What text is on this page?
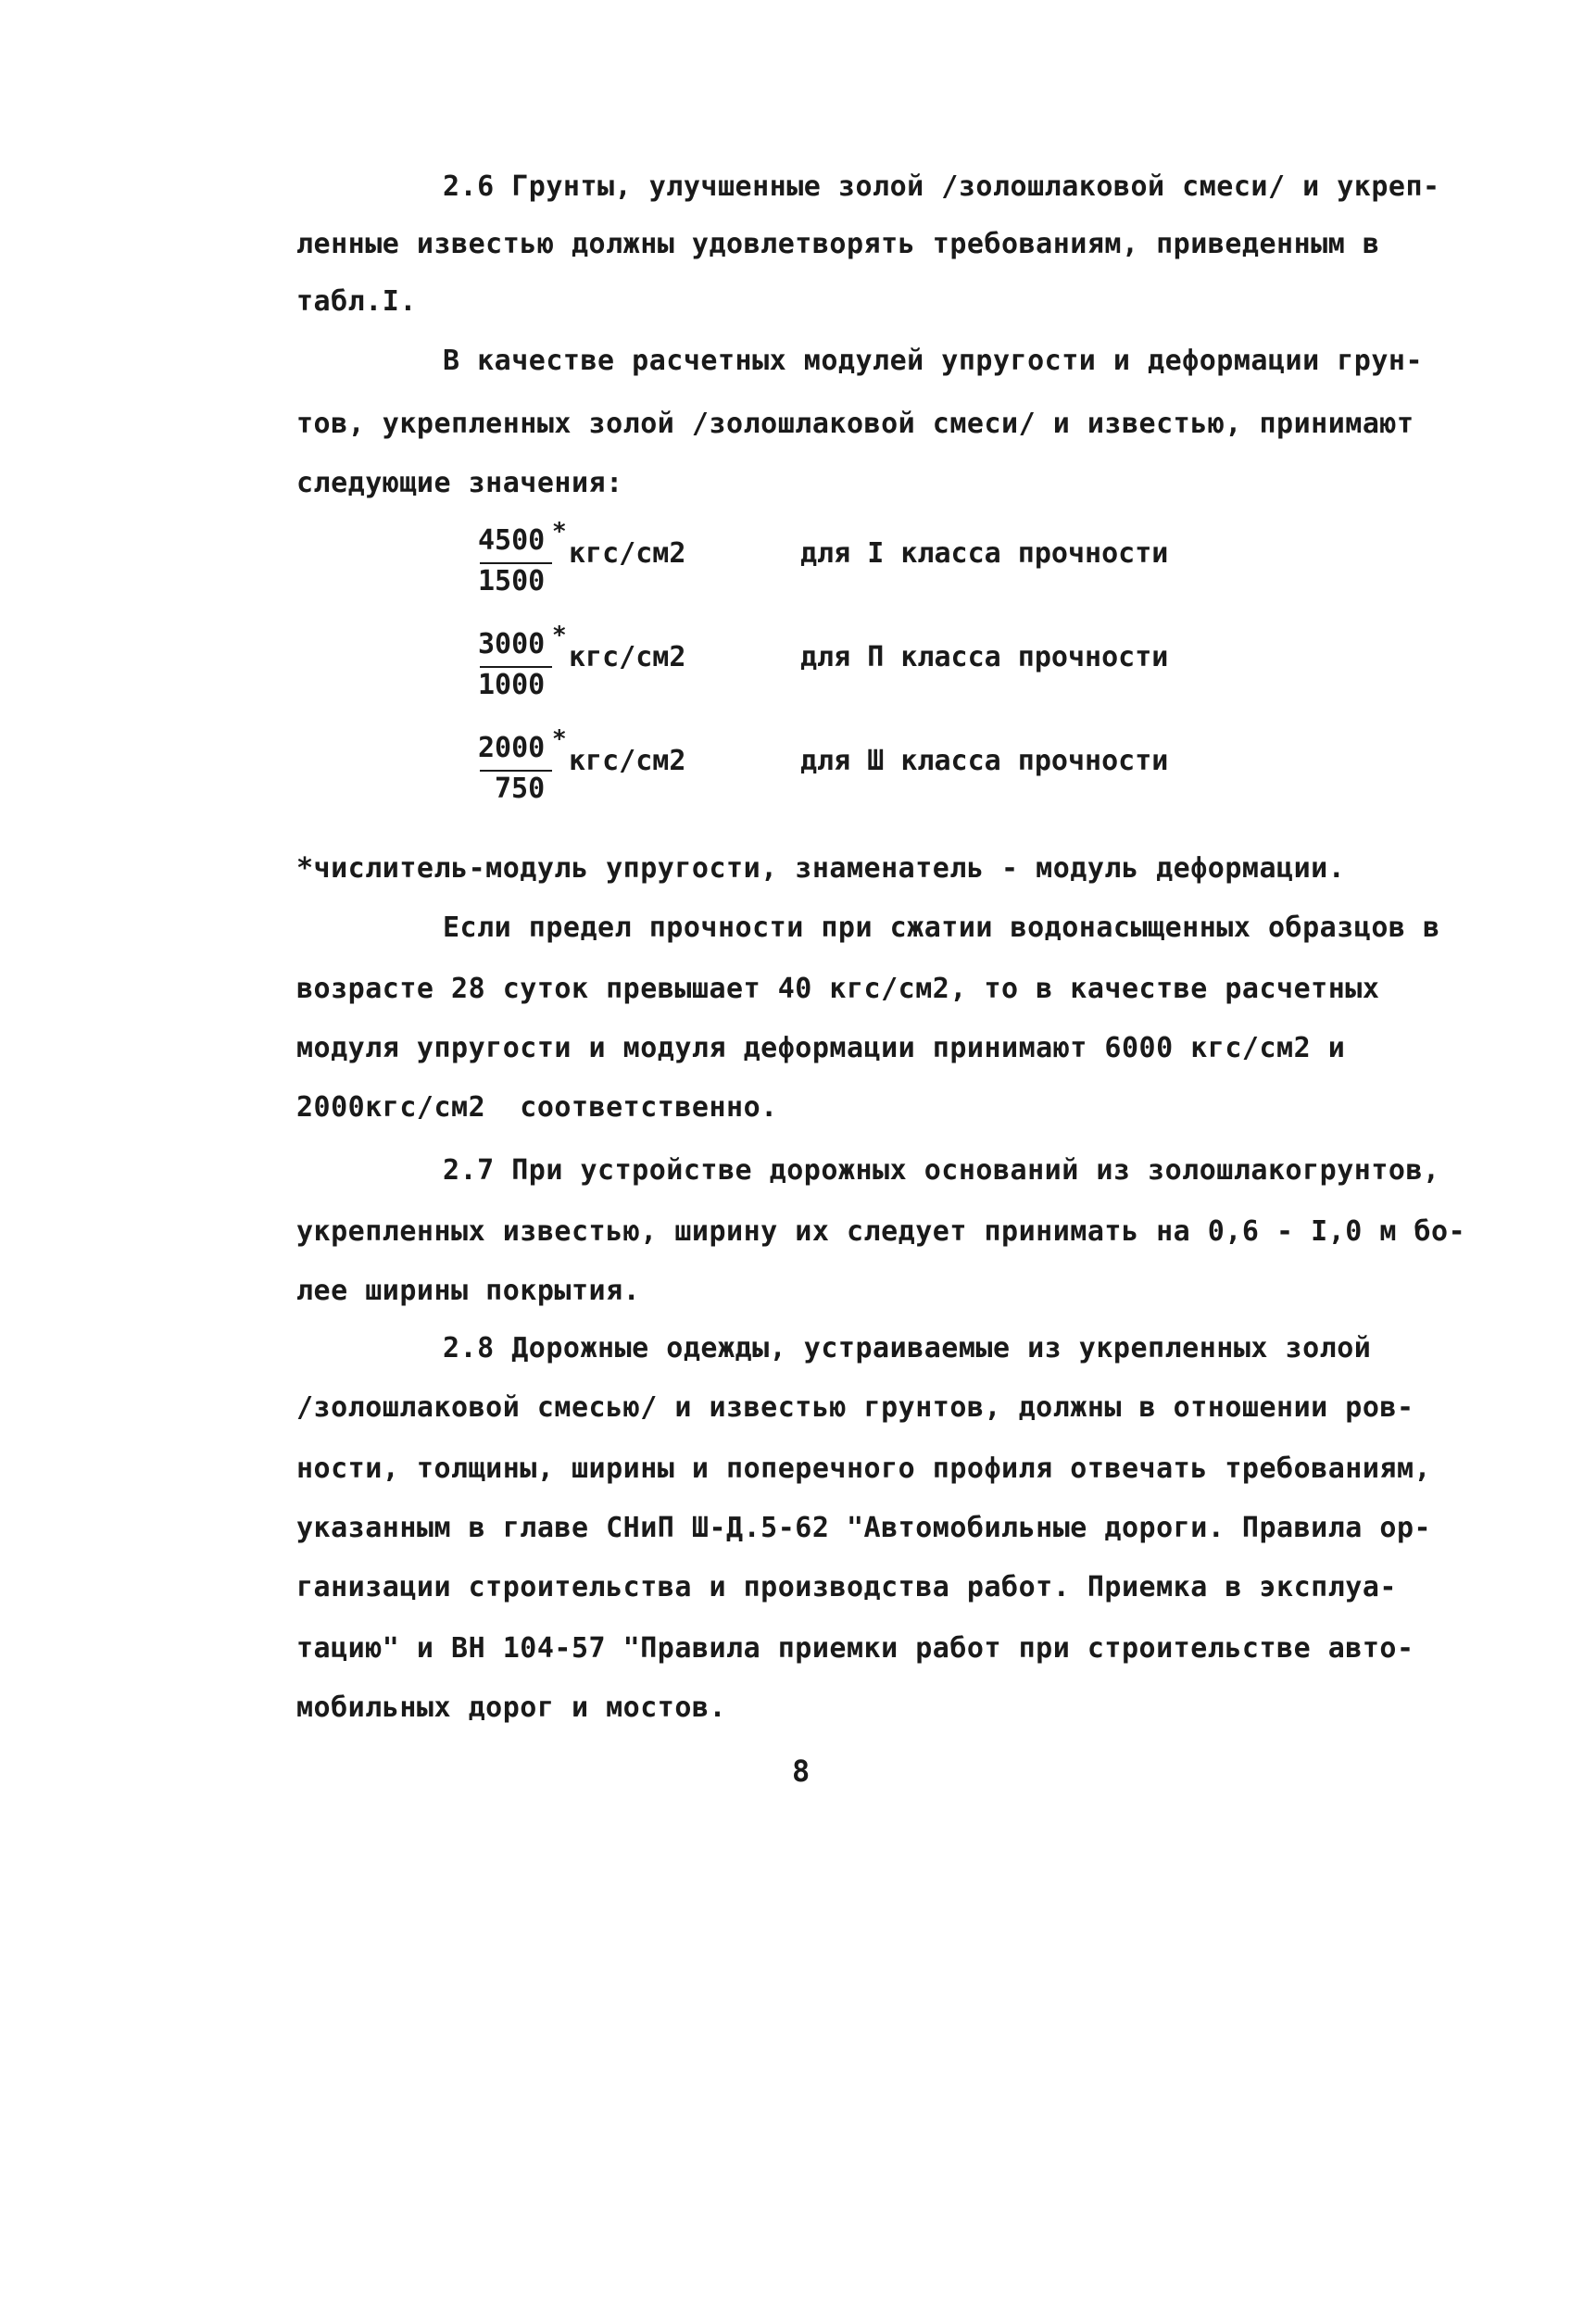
2.6 Грунты, улучшенные золой /золошлаковой смеси/ и укреп-
ленные известью должны удовлетворять требованиям, приведенным в
табл.I.
В качестве расчетных модулей упругости и деформации грун-
тов, укрепленных золой /золошлаковой смеси/ и известью, принимают
следующие значения:
4500 *
1500
кгс/см2	для I класса прочности
3000 *
1000
кгс/см2	для П класса прочности
2000 *
750
кгс/см2	для Ш класса прочности
*числитель-модуль упругости, знаменатель - модуль деформации.
Если предел прочности при сжатии водонасыщенных образцов в
возрасте 28 суток превышает 40 кгс/см2, то в качестве расчетных
модуля упругости и модуля деформации принимают 6000 кгс/см2 и
2000кгс/см2  соответственно.
2.7 При устройстве дорожных оснований из золошлакогрунтов,
укрепленных известью, ширину их следует принимать на 0,6 - I,0 м бо-
лее ширины покрытия.
2.8 Дорожные одежды, устраиваемые из укрепленных золой
/золошлаковой смесью/ и известью грунтов, должны в отношении ров-
ности, толщины, ширины и поперечного профиля отвечать требованиям,
указанным в главе СНиП Ш-Д.5-62 "Автомобильные дороги. Правила ор-
ганизации строительства и производства работ. Приемка в эксплуа-
тацию" и ВН 104-57 "Правила приемки работ при строительстве авто-
мобильных дорог и мостов.
8
